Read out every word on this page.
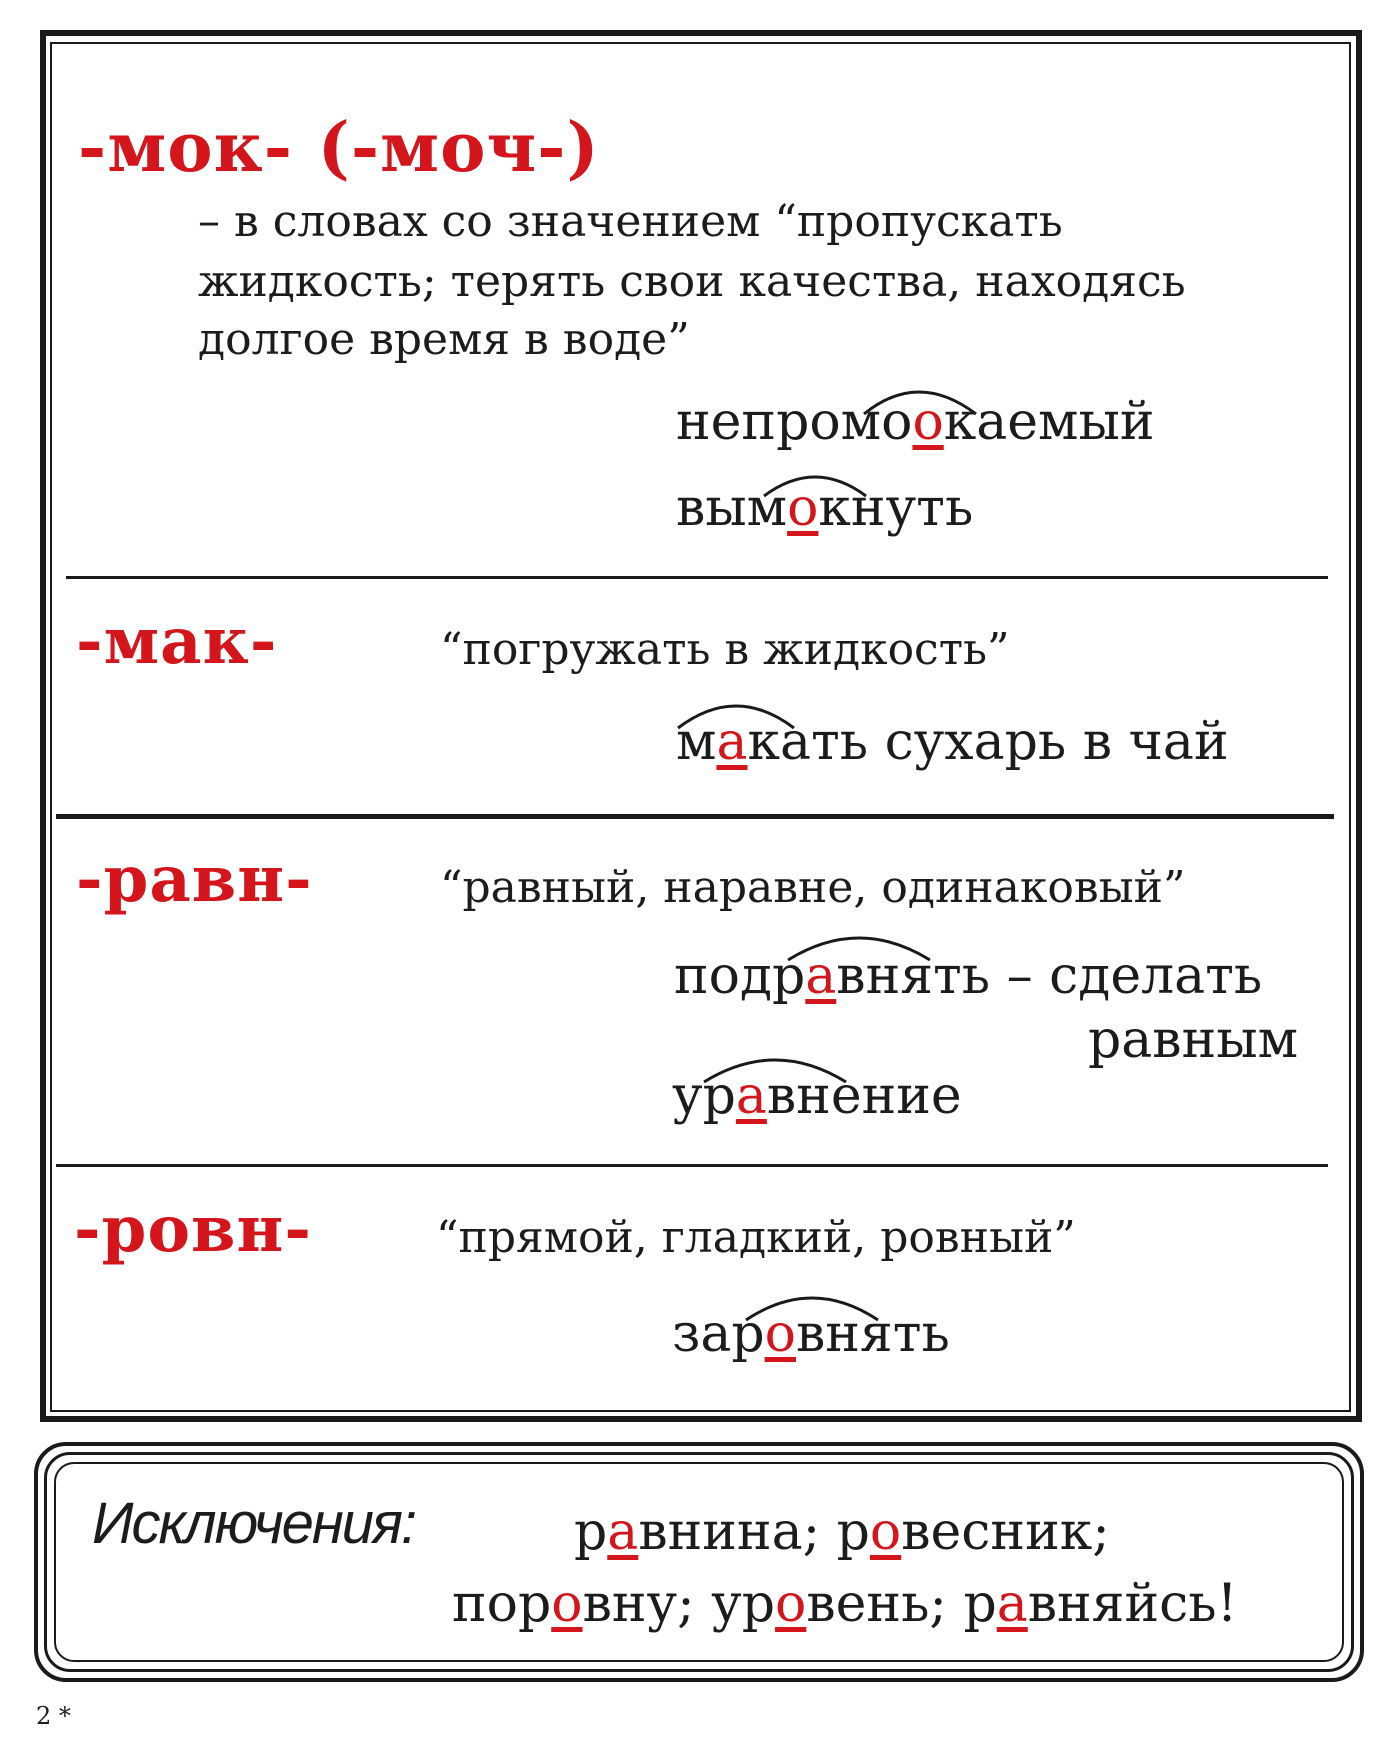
-мок- (-моч-)
– в словах со значением “пропускать
жидкость; терять свои качества, находясь
долгое время в воде”
непромоокаемый
вымокнуть
-мак-	“погружать в жидкость”
макать сухарь в чай
-равн-	“равный, наравне, одинаковый”
подравнять – сделать
равным
уравнение
-ровн-	“прямой, гладкий, ровный”
заровнять
Исключения:	равнина; ровесник;
поровну; уровень; равняйсь!
2 *
